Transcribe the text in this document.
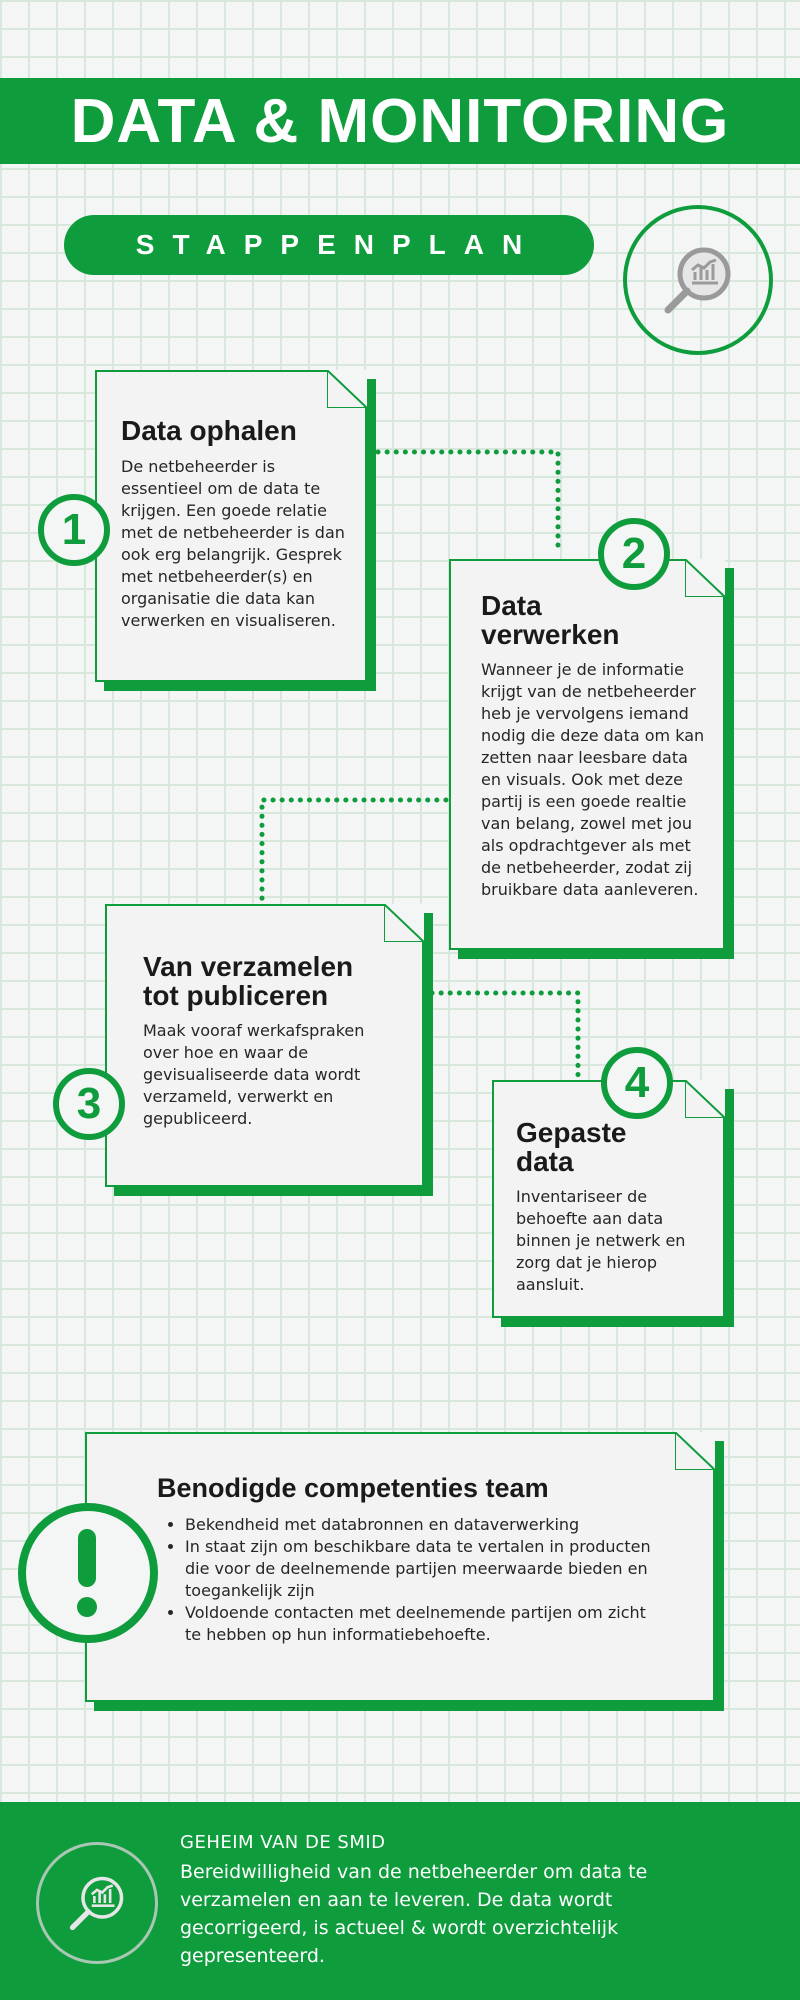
DATA & MONITORING
STAPPENPLAN
Data ophalen

De netbeheerder is essentieel om de data te krijgen. Een goede relatie met de netbeheerder is dan ook erg belangrijk. Gesprek met netbeheerder(s) en organisatie die data kan verwerken en visualiseren.

1
Data
verwerken

Wanneer je de informatie krijgt van de netbeheerder heb je vervolgens iemand nodig die deze data om kan zetten naar leesbare data en visuals. Ook met deze partij is een goede realtie van belang, zowel met jou als opdrachtgever als met de netbeheerder, zodat zij bruikbare data aanleveren.

2
Van verzamelen
tot publiceren

Maak vooraf werkafspraken over hoe en waar de gevisualiseerde data wordt verzameld, verwerkt en gepubliceerd.

3
Gepaste
data

Inventariseer de behoefte aan data binnen je netwerk en zorg dat je hierop aansluit.

4
Benodigde competenties team
• Bekendheid met databronnen en dataverwerking
• In staat zijn om beschikbare data te vertalen in producten die voor de deelnemende partijen meerwaarde bieden en toegankelijk zijn
• Voldoende contacten met deelnemende partijen om zicht te hebben op hun informatiebehoefte.
GEHEIM VAN DE SMID

Bereidwilligheid van de netbeheerder om data te verzamelen en aan te leveren. De data wordt gecorrigeerd, is actueel & wordt overzichtelijk gepresenteerd.
